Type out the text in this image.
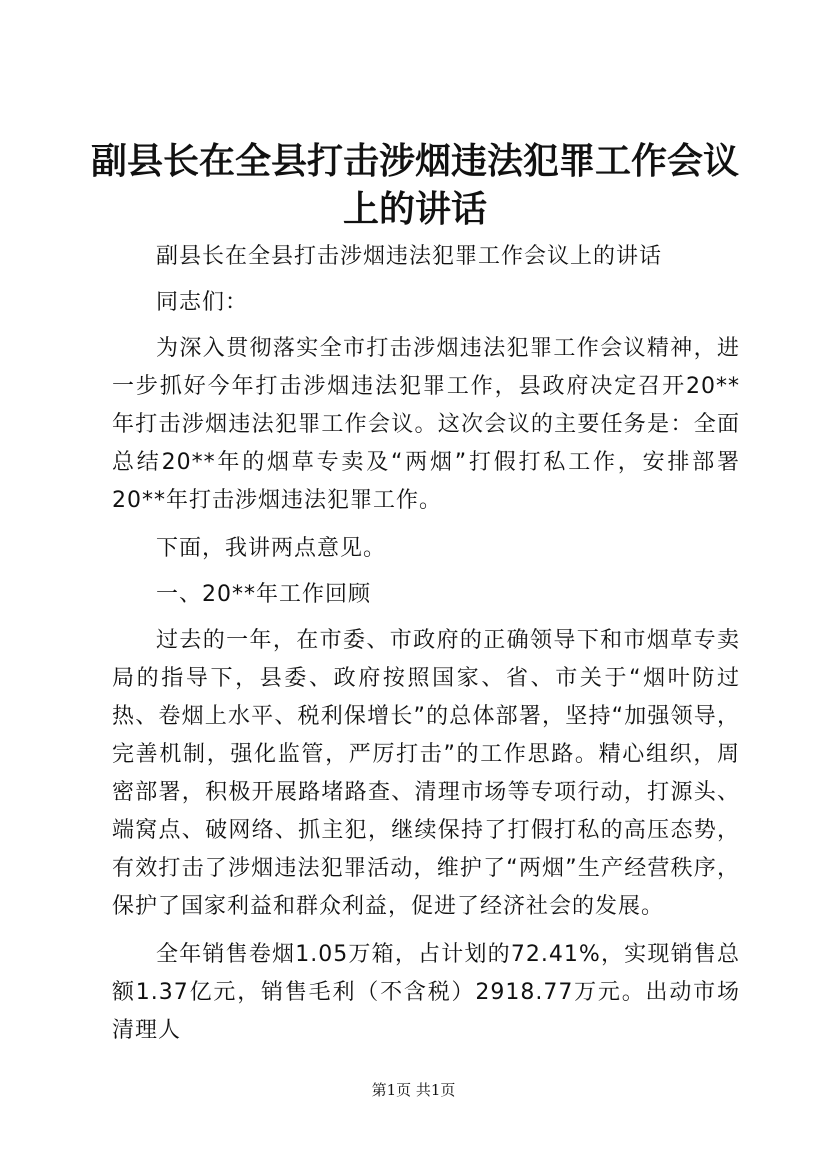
副县长在全县打击涉烟违法犯罪工作会议上的讲话

副县长在全县打击涉烟违法犯罪工作会议上的讲话

同志们：

为深入贯彻落实全市打击涉烟违法犯罪工作会议精神，进一步抓好今年打击涉烟违法犯罪工作，县政府决定召开20**年打击涉烟违法犯罪工作会议。这次会议的主要任务是：全面总结20**年的烟草专卖及“两烟”打假打私工作，安排部署20**年打击涉烟违法犯罪工作。

下面，我讲两点意见。

一、20**年工作回顾

过去的一年，在市委、市政府的正确领导下和市烟草专卖局的指导下，县委、政府按照国家、省、市关于“烟叶防过热、卷烟上水平、税利保增长”的总体部署，坚持“加强领导，完善机制，强化监管，严厉打击”的工作思路。精心组织，周密部署，积极开展路堵路查、清理市场等专项行动，打源头、端窝点、破网络、抓主犯，继续保持了打假打私的高压态势，有效打击了涉烟违法犯罪活动，维护了“两烟”生产经营秩序，保护了国家利益和群众利益，促进了经济社会的发展。

全年销售卷烟1.05万箱，占计划的72.41%，实现销售总额1.37亿元，销售毛利（不含税）2918.77万元。出动市场清理人

第1页 共1页
